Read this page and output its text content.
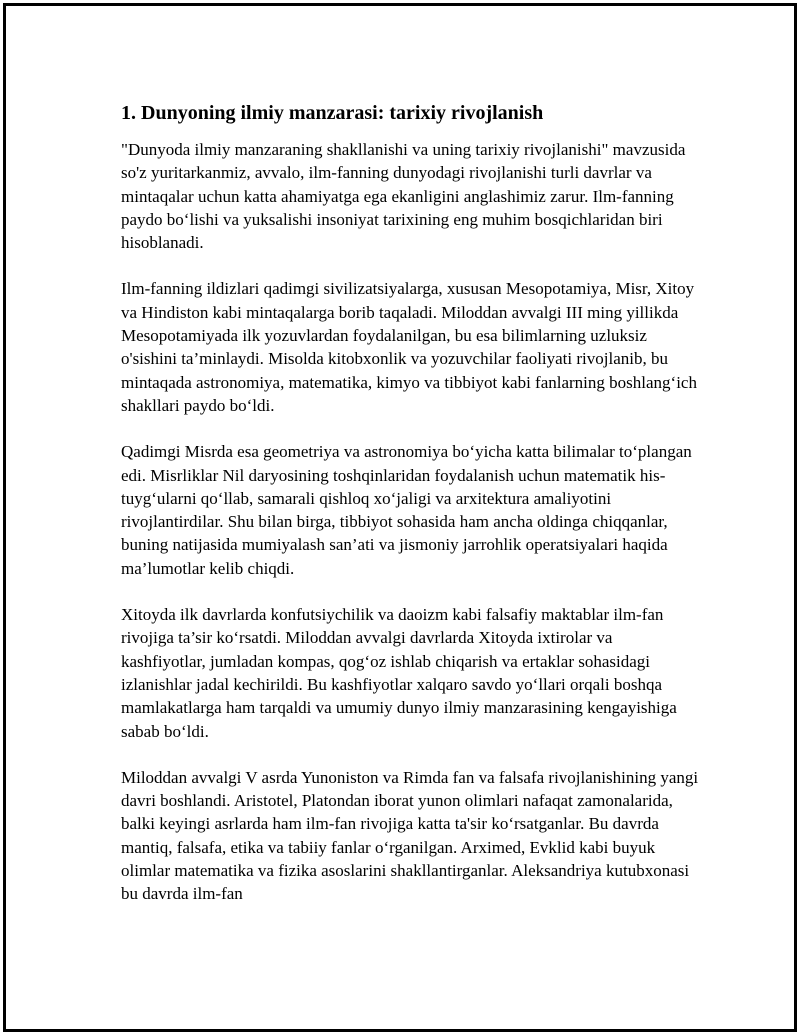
1. Dunyoning ilmiy manzarasi: tarixiy rivojlanish

"Dunyoda ilmiy manzaraning shakllanishi va uning tarixiy rivojlanishi" mavzusida so'z yuritarkanmiz, avvalo, ilm-fanning dunyodagi rivojlanishi turli davrlar va mintaqalar uchun katta ahamiyatga ega ekanligini anglashimiz zarur. Ilm-fanning paydo bo‘lishi va yuksalishi insoniyat tarixining eng muhim bosqichlaridan biri hisoblanadi.

Ilm-fanning ildizlari qadimgi sivilizatsiyalarga, xususan Mesopotamiya, Misr, Xitoy va Hindiston kabi mintaqalarga borib taqaladi. Miloddan avvalgi III ming yillikda Mesopotamiyada ilk yozuvlardan foydalanilgan, bu esa bilimlarning uzluksiz o'sishini ta’minlaydi. Misolda kitobxonlik va yozuvchilar faoliyati rivojlanib, bu mintaqada astronomiya, matematika, kimyo va tibbiyot kabi fanlarning boshlang‘ich shakllari paydo bo‘ldi.

Qadimgi Misrda esa geometriya va astronomiya bo‘yicha katta bilimalar to‘plangan edi. Misrliklar Nil daryosining toshqinlaridan foydalanish uchun matematik his-tuyg‘ularni qo‘llab, samarali qishloq xo‘jaligi va arxitektura amaliyotini rivojlantirdilar. Shu bilan birga, tibbiyot sohasida ham ancha oldinga chiqqanlar, buning natijasida mumiyalash san’ati va jismoniy jarrohlik operatsiyalari haqida ma’lumotlar kelib chiqdi.

Xitoyda ilk davrlarda konfutsiychilik va daoizm kabi falsafiy maktablar ilm-fan rivojiga ta’sir ko‘rsatdi. Miloddan avvalgi davrlarda Xitoyda ixtirolar va kashfiyotlar, jumladan kompas, qog‘oz ishlab chiqarish va ertaklar sohasidagi izlanishlar jadal kechirildi. Bu kashfiyotlar xalqaro savdo yo‘llari orqali boshqa mamlakatlarga ham tarqaldi va umumiy dunyo ilmiy manzarasining kengayishiga sabab bo‘ldi.

Miloddan avvalgi V asrda Yunoniston va Rimda fan va falsafa rivojlanishining yangi davri boshlandi. Aristotel, Platondan iborat yunon olimlari nafaqat zamonalarida, balki keyingi asrlarda ham ilm-fan rivojiga katta ta'sir ko‘rsatganlar. Bu davrda mantiq, falsafa, etika va tabiiy fanlar o‘rganilgan. Arximed, Evklid kabi buyuk olimlar matematika va fizika asoslarini shakllantirganlar. Aleksandriya kutubxonasi bu davrda ilm-fan
